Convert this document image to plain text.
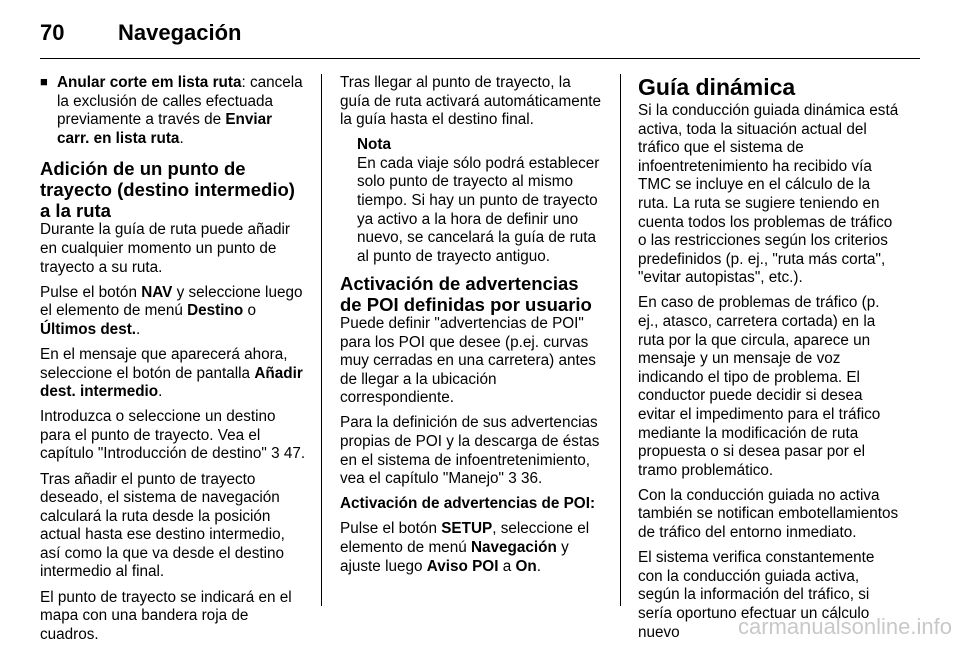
70 Navegación
■ Anular corte em lista ruta: cancela la exclusión de calles efectuada previamente a través de Enviar carr. en lista ruta.
Adición de un punto de trayecto (destino intermedio) a la ruta

Durante la guía de ruta puede añadir en cualquier momento un punto de trayecto a su ruta.

Pulse el botón NAV y seleccione luego el elemento de menú Destino o Últimos dest..

En el mensaje que aparecerá ahora, seleccione el botón de pantalla Añadir dest. intermedio.

Introduzca o seleccione un destino para el punto de trayecto. Vea el capítulo "Introducción de destino" 3 47.

Tras añadir el punto de trayecto deseado, el sistema de navegación calculará la ruta desde la posición actual hasta ese destino intermedio, así como la que va desde el destino intermedio al final.

El punto de trayecto se indicará en el mapa con una bandera roja de cuadros.

Tras llegar al punto de trayecto, la guía de ruta activará automáticamente la guía hasta el destino final.

Nota
En cada viaje sólo podrá establecer solo punto de trayecto al mismo tiempo. Si hay un punto de trayecto ya activo a la hora de definir uno nuevo, se cancelará la guía de ruta al punto de trayecto antiguo.
Activación de advertencias de POI definidas por usuario

Puede definir "advertencias de POI" para los POI que desee (p.ej. curvas muy cerradas en una carretera) antes de llegar a la ubicación correspondiente.

Para la definición de sus advertencias propias de POI y la descarga de éstas en el sistema de infoentretenimiento, vea el capítulo "Manejo" 3 36.

Activación de advertencias de POI:

Pulse el botón SETUP, seleccione el elemento de menú Navegación y ajuste luego Aviso POI a On.

Guía dinámica

Si la conducción guiada dinámica está activa, toda la situación actual del tráfico que el sistema de infoentretenimiento ha recibido vía TMC se incluye en el cálculo de la ruta. La ruta se sugiere teniendo en cuenta todos los problemas de tráfico o las restricciones según los criterios predefinidos (p. ej., "ruta más corta", "evitar autopistas", etc.).

En caso de problemas de tráfico (p. ej., atasco, carretera cortada) en la ruta por la que circula, aparece un mensaje y un mensaje de voz indicando el tipo de problema. El conductor puede decidir si desea evitar el impedimento para el tráfico mediante la modificación de ruta propuesta o si desea pasar por el tramo problemático.

Con la conducción guiada no activa también se notifican embotellamientos de tráfico del entorno inmediato.

El sistema verifica constantemente con la conducción guiada activa, según la información del tráfico, si sería oportuno efectuar un cálculo nuevo	carmanualsonline.info
